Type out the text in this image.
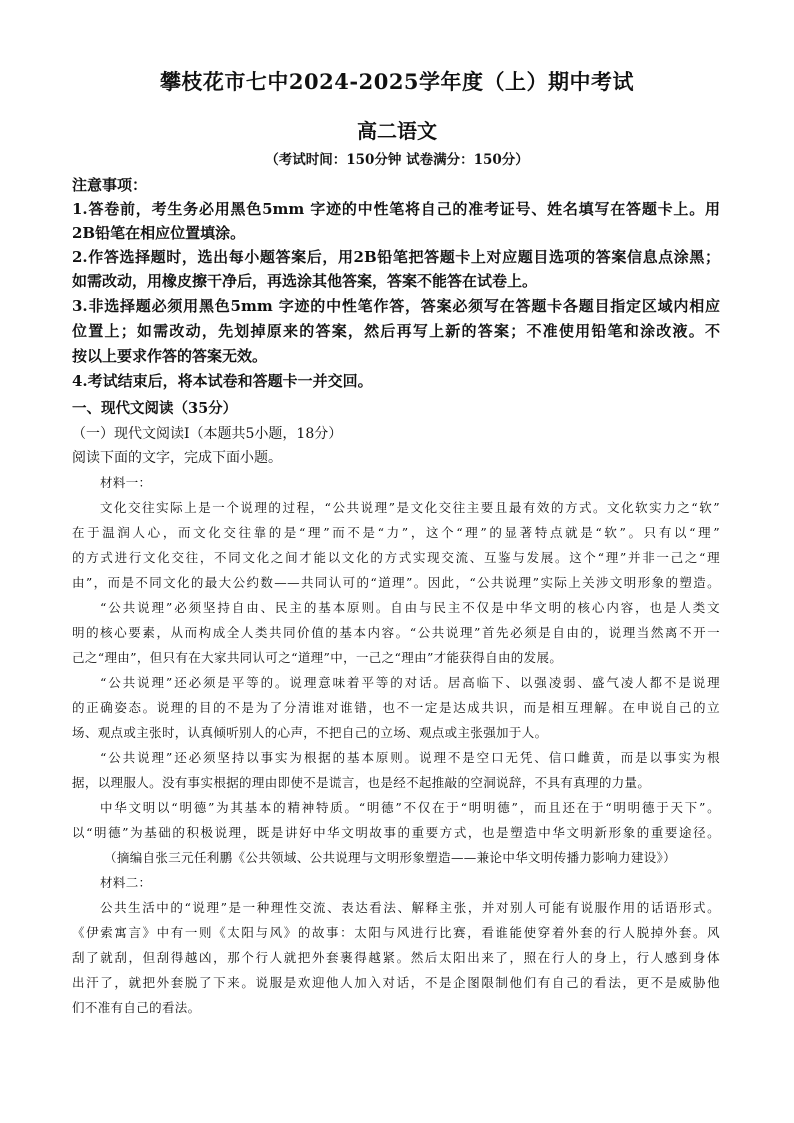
攀枝花市七中2024-2025学年度（上）期中考试
高二语文
（考试时间：150分钟 试卷满分：150分）
注意事项：
1.答卷前，考生务必用黑色5mm 字迹的中性笔将自己的准考证号、姓名填写在答题卡上。用
2B铅笔在相应位置填涂。
2.作答选择题时，选出每小题答案后，用2B铅笔把答题卡上对应题目选项的答案信息点涂黑；
如需改动，用橡皮擦干净后，再选涂其他答案，答案不能答在试卷上。
3.非选择题必须用黑色5mm 字迹的中性笔作答，答案必须写在答题卡各题目指定区域内相应
位置上；如需改动，先划掉原来的答案，然后再写上新的答案；不准使用铅笔和涂改液。不
按以上要求作答的答案无效。
4.考试结束后，将本试卷和答题卡一并交回。
一、现代文阅读（35分）
（一）现代文阅读Ⅰ（本题共5小题，18分）
阅读下面的文字，完成下面小题。
材料一：
文化交往实际上是一个说理的过程，“公共说理”是文化交往主要且最有效的方式。文化软实力之“软”
在于温润人心，而文化交往靠的是“理”而不是“力”，这个“理”的显著特点就是“软”。只有以“理”
的方式进行文化交往，不同文化之间才能以文化的方式实现交流、互鉴与发展。这个“理”并非一己之“理
由”，而是不同文化的最大公约数——共同认可的“道理”。因此，“公共说理”实际上关涉文明形象的塑造。
“公共说理”必须坚持自由、民主的基本原则。自由与民主不仅是中华文明的核心内容，也是人类文
明的核心要素，从而构成全人类共同价值的基本内容。“公共说理”首先必须是自由的，说理当然离不开一
己之“理由”，但只有在大家共同认可之“道理”中，一己之“理由”才能获得自由的发展。
“公共说理”还必须是平等的。说理意味着平等的对话。居高临下、以强凌弱、盛气凌人都不是说理
的正确姿态。说理的目的不是为了分清谁对谁错，也不一定是达成共识，而是相互理解。在申说自己的立
场、观点或主张时，认真倾听别人的心声，不把自己的立场、观点或主张强加于人。
“公共说理”还必须坚持以事实为根据的基本原则。说理不是空口无凭、信口雌黄，而是以事实为根
据，以理服人。没有事实根据的理由即使不是谎言，也是经不起推敲的空洞说辞，不具有真理的力量。
中华文明以“明德”为其基本的精神特质。“明德”不仅在于“明明德”，而且还在于“明明德于天下”。
以“明德”为基础的积极说理，既是讲好中华文明故事的重要方式，也是塑造中华文明新形象的重要途径。
（摘编自张三元任利鹏《公共领域、公共说理与文明形象塑造——兼论中华文明传播力影响力建设》）
材料二：
公共生活中的“说理”是一种理性交流、表达看法、解释主张，并对别人可能有说服作用的话语形式。
《伊索寓言》中有一则《太阳与风》的故事：太阳与风进行比赛，看谁能使穿着外套的行人脱掉外套。风
刮了就刮，但刮得越凶，那个行人就把外套裹得越紧。然后太阳出来了，照在行人的身上，行人感到身体
出汗了，就把外套脱了下来。说服是欢迎他人加入对话，不是企图限制他们有自己的看法，更不是威胁他
们不准有自己的看法。
